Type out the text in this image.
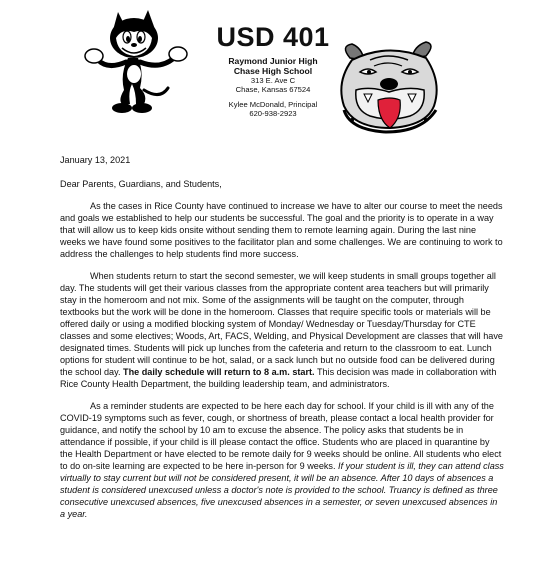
USD 401
Raymond Junior High
Chase High School
313 E. Ave C
Chase, Kansas 67524
Kylee McDonald, Principal
620-938-2923
January 13, 2021
Dear Parents, Guardians, and Students,

As the cases in Rice County have continued to increase we have to alter our course to meet the needs and goals we established to help our students be successful. The goal and the priority is to operate in a way that will allow us to keep kids onsite without sending them to remote learning again. During the last nine weeks we have found some positives to the facilitator plan and some challenges. We are continuing to work to address the challenges to help students find more success.

When students return to start the second semester, we will keep students in small groups together all day. The students will get their various classes from the appropriate content area teachers but will primarily stay in the homeroom and not mix. Some of the assignments will be taught on the computer, through textbooks but the work will be done in the homeroom. Classes that require specific tools or materials will be offered daily or using a modified blocking system of Monday/ Wednesday or Tuesday/Thursday for CTE classes and some electives; Woods, Art, FACS, Welding, and Physical Development are classes that will have designated times. Students will pick up lunches from the cafeteria and return to the classroom to eat. Lunch options for student will continue to be hot, salad, or a sack lunch but no outside food can be delivered during the school day. The daily schedule will return to 8 a.m. start. This decision was made in collaboration with Rice County Health Department, the building leadership team, and administrators.

As a reminder students are expected to be here each day for school. If your child is ill with any of the COVID-19 symptoms such as fever, cough, or shortness of breath, please contact a local health provider for guidance, and notify the school by 10 am to excuse the absence. The policy asks that students be in attendance if possible, if your child is ill please contact the office. Students who are placed in quarantine by the Health Department or have elected to be remote daily for 9 weeks should be online. All students who elect to do on-site learning are expected to be here in-person for 9 weeks. If your student is ill, they can attend class virtually to stay current but will not be considered present, it will be an absence. After 10 days of absences a student is considered unexcused unless a doctor's note is provided to the school. Truancy is defined as three consecutive unexcused absences, five unexcused absences in a semester, or seven unexcused absences in a year.
